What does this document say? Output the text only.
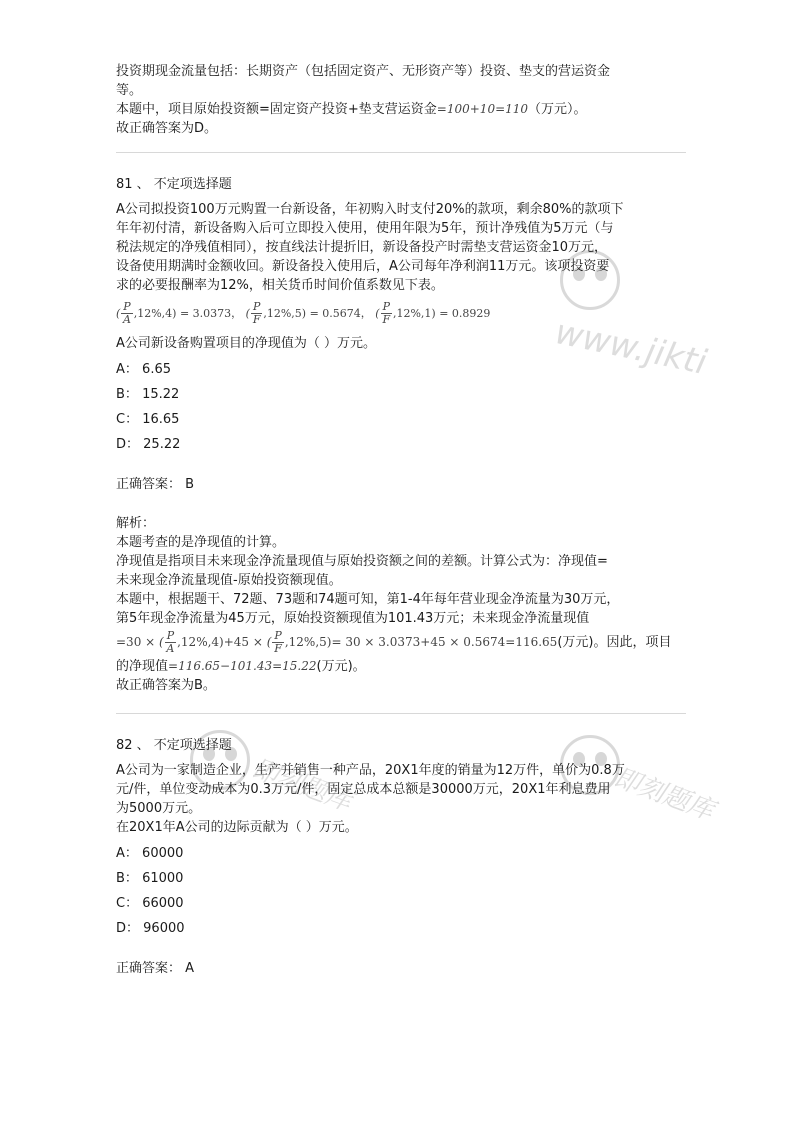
www.jikti
即刻题库	即刻题库
投资期现金流量包括：长期资产（包括固定资产、无形资产等）投资、垫支的营运资金
等。
本题中，项目原始投资额=固定资产投资+垫支营运资金=100+10=110（万元）。
故正确答案为D。
81 、 不定项选择题
A公司拟投资100万元购置一台新设备，年初购入时支付20%的款项，剩余80%的款项下
年年初付清，新设备购入后可立即投入使用，使用年限为5年，预计净残值为5万元（与
税法规定的净残值相同），按直线法计提折旧，新设备投产时需垫支营运资金10万元，
设备使用期满时金额收回。新设备投入使用后，A公司每年净利润11万元。该项投资要
求的必要报酬率为12%，相关货币时间价值系数见下表。
( $\frac{P}{A} ,12\%,4) = 3.0373$， ( $\frac{P}{F} ,12\%,5) = 0.5674$， ( $\frac{P}{F} ,12\%,1) = 0.8929$
A公司新设备购置项目的净现值为（ ）万元。
A： 6.65
B： 15.22
C： 16.65
D： 25.22
正确答案： B
解析：
本题考查的是净现值的计算。
净现值是指项目未来现金净流量现值与原始投资额之间的差额。计算公式为：净现值=
未来现金净流量现值-原始投资额现值。
本题中，根据题干、72题、73题和74题可知，第1-4年每年营业现金净流量为30万元，
第5年现金净流量为45万元，原始投资额现值为101.43万元；未来现金净流量现值
=30 × ( $\frac{P}{A} ,12\%,4)+45$ × ( $\frac{P}{F} ,12\%,5)= 30 \times 3.0373+45 \times 0.5674=116.65$(万元)。因此，项目
的净现值=116.65−101.43=15.22(万元)。
故正确答案为B。
82 、 不定项选择题
A公司为一家制造企业，生产并销售一种产品，20X1年度的销量为12万件，单价为0.8万
元/件，单位变动成本为0.3万元/件，固定总成本总额是30000万元，20X1年利息费用
为5000万元。
在20X1年A公司的边际贡献为（ ）万元。
A： 60000
B： 61000
C： 66000
D： 96000
正确答案： A
